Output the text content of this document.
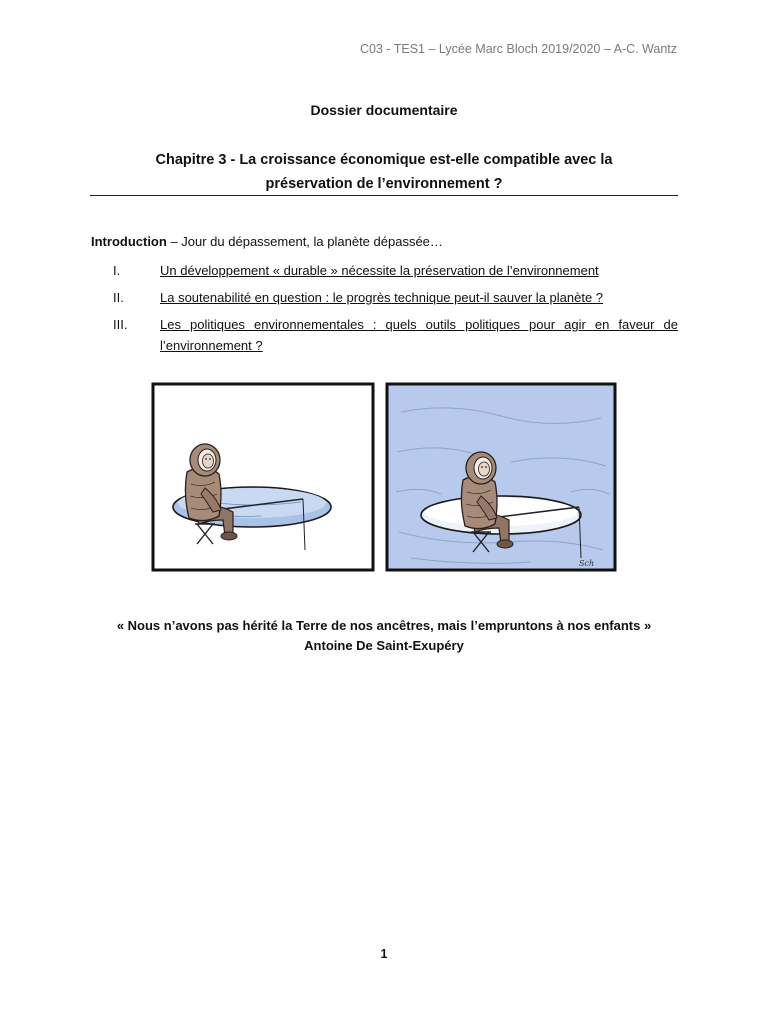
C03 - TES1 – Lycée Marc Bloch 2019/2020 – A-C. Wantz
Dossier documentaire
Chapitre 3 - La croissance économique est-elle compatible avec la
préservation de l’environnement ?
Introduction – Jour du dépassement, la planète dépassée…
I.	Un développement « durable » nécessite la préservation de l’environnement
II.	La soutenabilité en question : le progrès technique peut-il sauver la planète ?
III.	Les politiques environnementales : quels outils politiques pour agir en faveur de
l’environnement ?
Sch
« Nous n’avons pas hérité la Terre de nos ancêtres, mais l’empruntons à nos enfants »
Antoine De Saint-Exupéry
1
